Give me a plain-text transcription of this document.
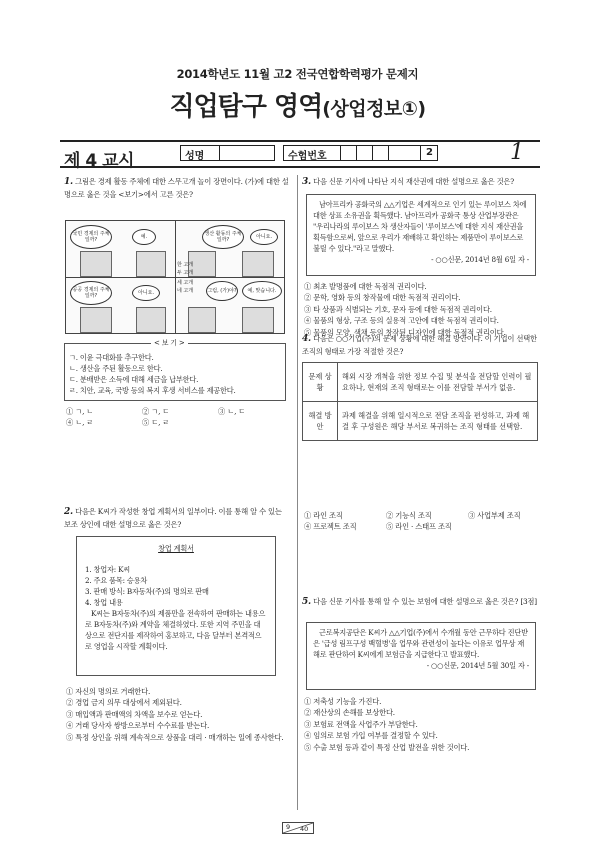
2014학년도 11월 고2 전국연합학력평가 문제지
직업탐구 영역(상업정보①)
제 4 교시	성명	수험번호	2	1
1. 그림은 경제 활동 주체에 대한 스무고개 놀이 장면이다. (가)에 대한 설명으로 옳은 것을 <보기>에서 고른 것은?
국민 경제의 주체일까?	예.	생산 활동의 주체일까?	아니요.
공공 경제의 주체일까?	아니요.	그럼, (가)야?	예, 맞습니다.
한 고개
두 고개
세 고개
네 고개
< 보 기 >
ㄱ. 이윤 극대화를 추구한다.
ㄴ. 생산을 주된 활동으로 한다.
ㄷ. 분배받은 소득에 대해 세금을 납부한다.
ㄹ. 치안, 교육, 국방 등의 복지 후생 서비스를 제공한다.
① ㄱ, ㄴ	② ㄱ, ㄷ	③ ㄴ, ㄷ
④ ㄴ, ㄹ	⑤ ㄷ, ㄹ
2. 다음은 K씨가 작성한 창업 계획서의 일부이다. 이를 통해 알 수 있는 보조 상인에 대한 설명으로 옳은 것은?
창업 계획서
1. 창업자: K씨
2. 주요 품목: 승용차
3. 판매 방식: B자동차(주)의 명의로 판매
4. 창업 내용
K씨는 B자동차(주)의 제품만을 전속하여 판매하는 내용으로 B자동차(주)와 계약을 체결하였다. 또한 지역 주민을 대상으로 전단지를 제작하여 홍보하고, 다음 달부터 본격적으로 영업을 시작할 계획이다.
① 자신의 명의로 거래한다.
② 경업 금지 의무 대상에서 제외된다.
③ 매입액과 판매액의 차액을 보수로 얻는다.
④ 거래 당사자 쌍방으로부터 수수료를 받는다.
⑤ 특정 상인을 위해 계속적으로 상품을 대리 · 매개하는 일에 종사한다.
3. 다음 신문 기사에 나타난 지식 재산권에 대한 설명으로 옳은 것은?
남아프리카 공화국의 △△기업은 세계적으로 인기 있는 루이보스 차에 대한 상표 소유권을 획득했다. 남아프리카 공화국 통상 산업부장관은 "우리나라의 루이보스 차 생산자들이 '루이보스'에 대한 지식 재산권을 획득함으로써, 앞으로 우리가 재배하고 확인하는 제품만이 루이보스로 불릴 수 있다."라고 말했다.
- ○○신문, 2014년 8월 6일 자 -
① 최초 발명품에 대한 독점적 권리이다.
② 문학, 영화 등의 창작물에 대한 독점적 권리이다.
③ 타 상품과 식별되는 기호, 문자 등에 대한 독점적 권리이다.
④ 물품의 형상, 구조 등의 실용적 고안에 대한 독점적 권리이다.
⑤ 물품의 모양, 색채 등의 창작된 디자인에 대한 독점적 권리이다.
4. 다음은 ○○기업(주)의 문제 상황에 대한 해결 방안이다. 이 기업이 선택한 조직의 형태로 가장 적절한 것은?
문제 상황	해외 시장 개척을 위한 정보 수집 및 분석을 전담할 인력이 필요하나, 현재의 조직 형태로는 이를 전담할 부서가 없음.
해결 방안	과제 해결을 위해 일시적으로 전담 조직을 편성하고, 과제 해결 후 구성원은 해당 부서로 복귀하는 조직 형태를 선택함.
① 라인 조직	② 기능식 조직	③ 사업부제 조직
④ 프로젝트 조직	⑤ 라인 · 스태프 조직
5. 다음 신문 기사를 통해 알 수 있는 보험에 대한 설명으로 옳은 것은? [3점]
근로복지공단은 K씨가 △△기업(주)에서 수개월 동안 근무하다 진단받은 '급성 림프구성 백혈병'을 업무와 관련성이 높다는 이유로 업무상 재해로 판단하여 K씨에게 보험금을 지급한다고 발표했다.
- ○○신문, 2014년 5월 30일 자 -
① 저축성 기능을 가진다.
② 재산상의 손해를 보상한다.
③ 보험료 전액을 사업주가 부담한다.
④ 임의로 보험 가입 여부를 결정할 수 있다.
⑤ 수출 보험 등과 같이 특정 산업 발전을 위한 것이다.
9 40
